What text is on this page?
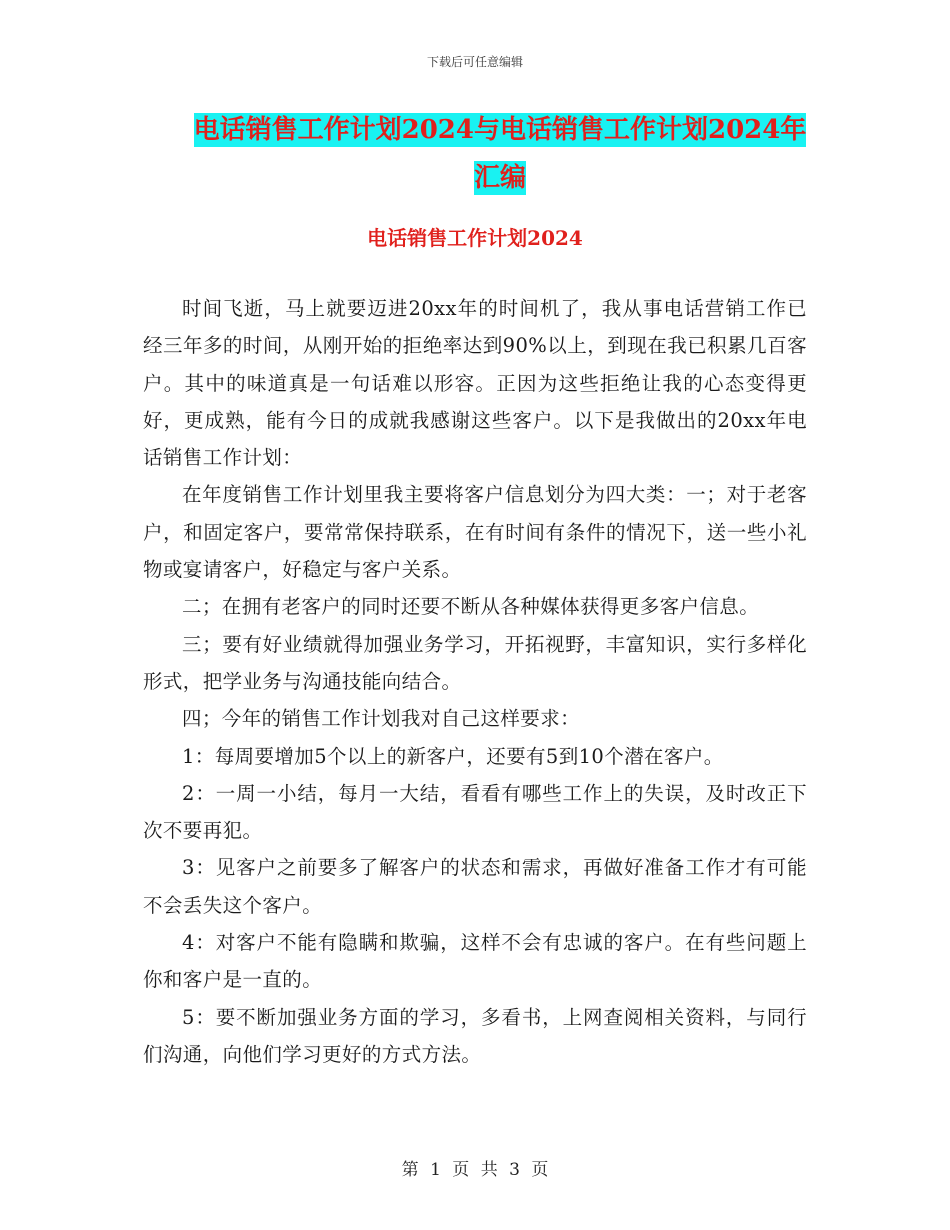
下载后可任意编辑
电话销售工作计划2024与电话销售工作计划2024年
汇编
电话销售工作计划2024

时间飞逝，马上就要迈进20xx年的时间机了，我从事电话营销工作已经三年多的时间，从刚开始的拒绝率达到90%以上，到现在我已积累几百客户。其中的味道真是一句话难以形容。正因为这些拒绝让我的心态变得更好，更成熟，能有今日的成就我感谢这些客户。以下是我做出的20xx年电话销售工作计划：

在年度销售工作计划里我主要将客户信息划分为四大类：一；对于老客户，和固定客户，要常常保持联系，在有时间有条件的情况下，送一些小礼物或宴请客户，好稳定与客户关系。

二；在拥有老客户的同时还要不断从各种媒体获得更多客户信息。

三；要有好业绩就得加强业务学习，开拓视野，丰富知识，实行多样化形式，把学业务与沟通技能向结合。

四；今年的销售工作计划我对自己这样要求：

1：每周要增加5个以上的新客户，还要有5到10个潜在客户。

2：一周一小结，每月一大结，看看有哪些工作上的失误，及时改正下次不要再犯。

3：见客户之前要多了解客户的状态和需求，再做好准备工作才有可能不会丢失这个客户。

4：对客户不能有隐瞒和欺骗，这样不会有忠诚的客户。在有些问题上你和客户是一直的。

5：要不断加强业务方面的学习，多看书，上网查阅相关资料，与同行们沟通，向他们学习更好的方式方法。

第 1 页 共 3 页
